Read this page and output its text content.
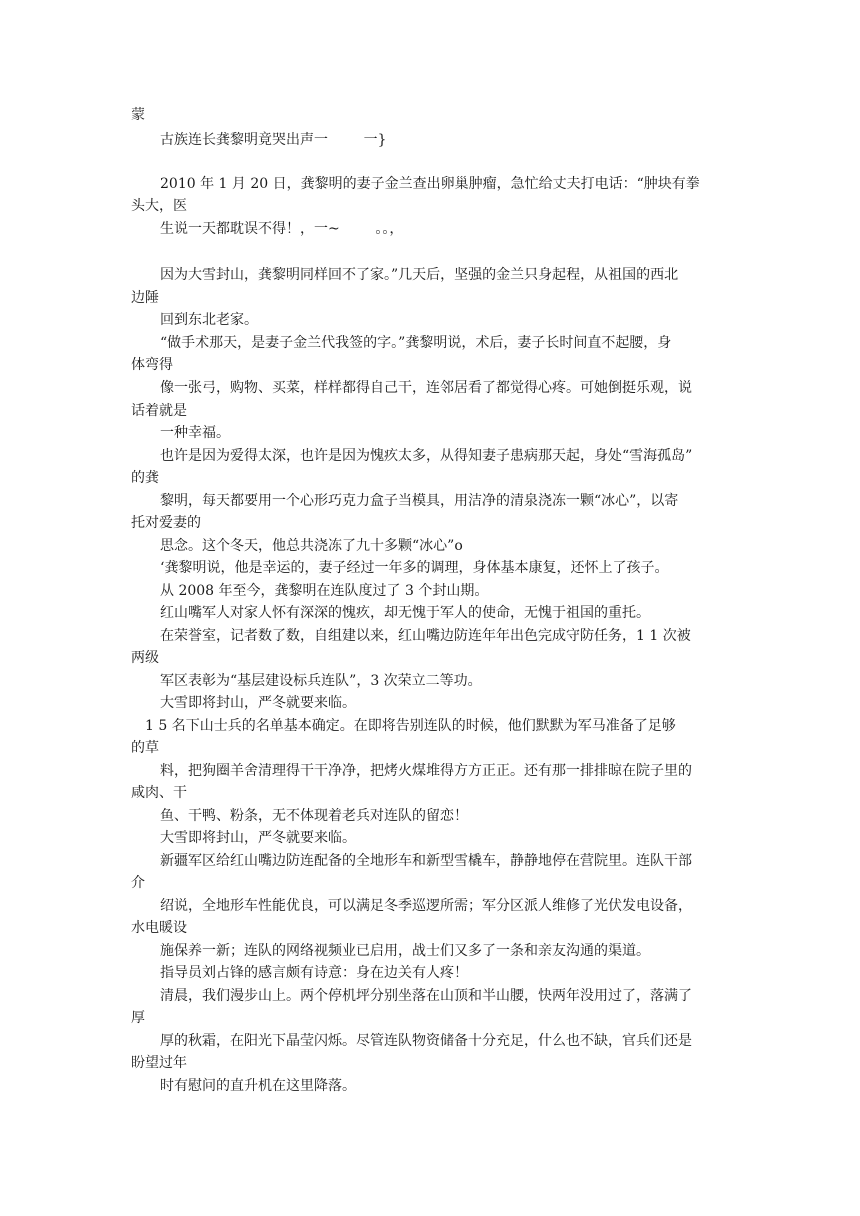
蒙
古族连长龚黎明竟哭出声一        一}
2010 年 1 月 20 日，龚黎明的妻子金兰查出卵巢肿瘤，急忙给丈夫打电话：“肿块有拳
头大，医
生说一天都耽误不得！，一~        。。，
因为大雪封山，龚黎明同样回不了家。”几天后，坚强的金兰只身起程，从祖国的西北
边陲
回到东北老家。
“做手术那天，是妻子金兰代我签的字。”龚黎明说，术后，妻子长时间直不起腰，身
体弯得
像一张弓，购物、买菜，样样都得自己干，连邻居看了都觉得心疼。可她倒挺乐观，说
话着就是
一种幸福。
也许是因为爱得太深，也许是因为愧疚太多，从得知妻子患病那天起，身处“雪海孤岛”
的龚
黎明，每天都要用一个心形巧克力盒子当模具，用洁净的清泉浇冻一颗“冰心”，以寄
托对爱妻的
思念。这个冬天，他总共浇冻了九十多颗“冰心”o
‘龚黎明说，他是幸运的，妻子经过一年多的调理，身体基本康复，还怀上了孩子。
从 2008 年至今，龚黎明在连队度过了 3 个封山期。
红山嘴军人对家人怀有深深的愧疚，却无愧于军人的使命，无愧于祖国的重托。
在荣誉室，记者数了数，自组建以来，红山嘴边防连年年出色完成守防任务，1 1 次被
两级
军区表彰为“基层建设标兵连队”，3 次荣立二等功。
大雪即将封山，严冬就要来临。
1 5 名下山士兵的名单基本确定。在即将告别连队的时候，他们默默为军马准备了足够
的草
料，把狗圈羊舍清理得干干净净，把烤火煤堆得方方正正。还有那一排排晾在院子里的
咸肉、干
鱼、干鸭、粉条，无不体现着老兵对连队的留恋！
大雪即将封山，严冬就要来临。
新疆军区给红山嘴边防连配备的全地形车和新型雪橇车，静静地停在营院里。连队干部
介
绍说，全地形车性能优良，可以满足冬季巡逻所需；军分区派人维修了光伏发电设备，
水电暖设
施保养一新；连队的网络视频业已启用，战士们又多了一条和亲友沟通的渠道。
指导员刘占锋的感言颇有诗意：身在边关有人疼！
清晨，我们漫步山上。两个停机坪分别坐落在山顶和半山腰，快两年没用过了，落满了
厚
厚的秋霜，在阳光下晶莹闪烁。尽管连队物资储备十分充足，什么也不缺，官兵们还是
盼望过年
时有慰问的直升机在这里降落。
